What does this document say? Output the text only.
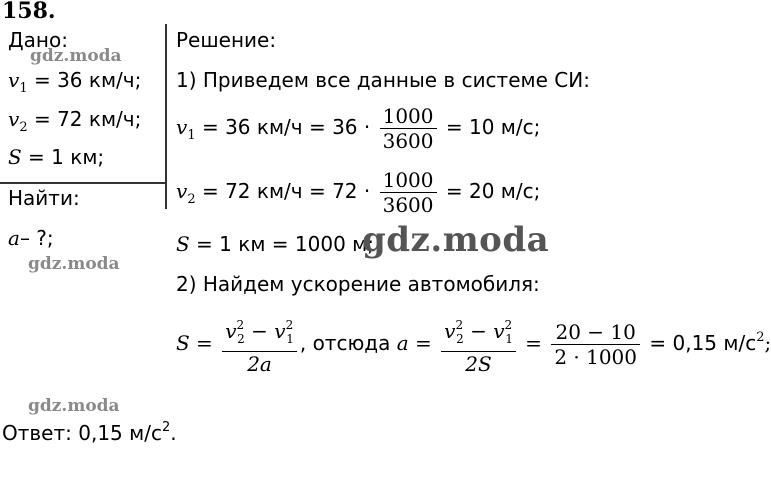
158.
Дано:
$v_1 = 36$ км/ч;
$v_2 = 72$ км/ч;
S = 1 км;
Найти:
a– ?;
Решение:
1) Приведем все данные в системе СИ:
$v_1 = 36$ $км/ч = 36 \cdot \frac{1000}{3600} = 10$ м/с;
$v_2 = 72$ $км/ч = 72 \cdot \frac{1000}{3600} = 20$ м/с;
S = 1 км = 1000 м;
2) Найдем ускорение автомобиля:
$S = \frac{v^2_2 - v^2_1}{2a}$ , отсюда $a = \frac{v^2_2 - v^2_1}{2S} = \frac{20 - 10}{2 \cdot 1000} = 0,15$ $м/с^2$;
Ответ: 0,15 $м/с^2$.
gdz.moda
gdz.moda
gdz.moda
gdz.moda
